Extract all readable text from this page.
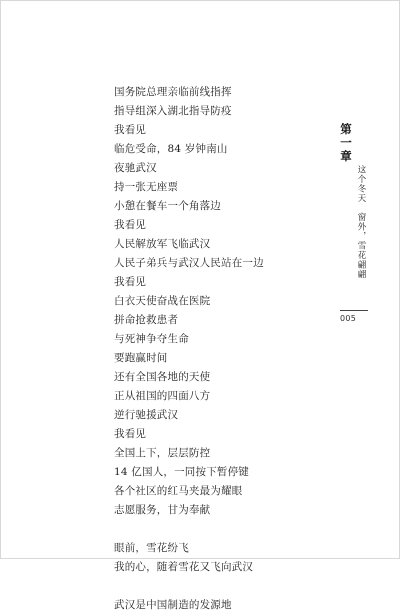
国务院总理亲临前线指挥
指导组深入湖北指导防疫
我看见
临危受命，84 岁钟南山
夜驰武汉
持一张无座票
小憩在餐车一个角落边
我看见
人民解放军飞临武汉
人民子弟兵与武汉人民站在一边
我看见
白衣天使奋战在医院
拼命抢救患者
与死神争夺生命
要跑赢时间
还有全国各地的天使
正从祖国的四面八方
逆行驰援武汉
我看见
全国上下，层层防控
14 亿国人，一同按下暂停键
各个社区的红马夹最为耀眼
志愿服务，甘为奉献
眼前，雪花纷飞
我的心，随着雪花又飞向武汉
武汉是中国制造的发源地
第一章
这个冬天　窗外，雪花翩翩
005
